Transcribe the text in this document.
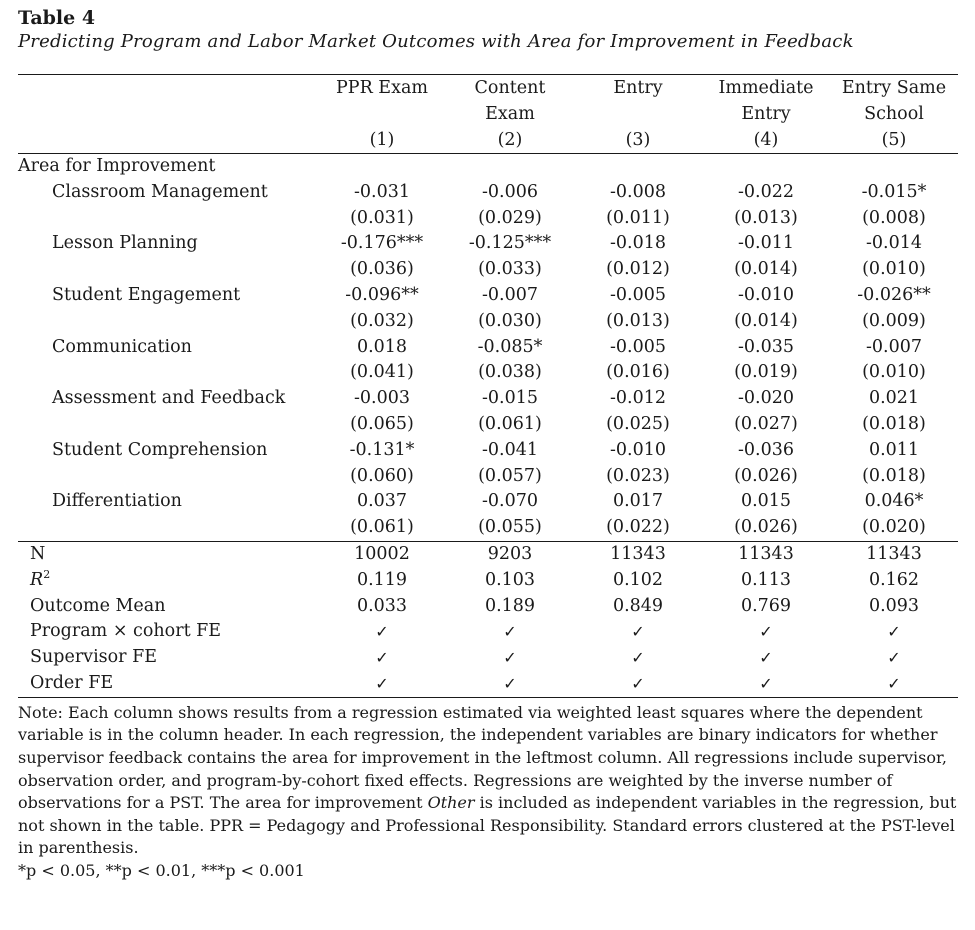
Table 4

Predicting Program and Labor Market Outcomes with Area for Improvement in Feedback

	PPR Exam	Content	Entry	Immediate	Entry Same
		Exam		Entry	School
	(1)	(2)	(3)	(4)	(5)
Area for Improvement					
Classroom Management	-0.031	-0.006	-0.008	-0.022	-0.015*
	(0.031)	(0.029)	(0.011)	(0.013)	(0.008)
Lesson Planning	-0.176***	-0.125***	-0.018	-0.011	-0.014
	(0.036)	(0.033)	(0.012)	(0.014)	(0.010)
Student Engagement	-0.096**	-0.007	-0.005	-0.010	-0.026**
	(0.032)	(0.030)	(0.013)	(0.014)	(0.009)
Communication	0.018	-0.085*	-0.005	-0.035	-0.007
	(0.041)	(0.038)	(0.016)	(0.019)	(0.010)
Assessment and Feedback	-0.003	-0.015	-0.012	-0.020	0.021
	(0.065)	(0.061)	(0.025)	(0.027)	(0.018)
Student Comprehension	-0.131*	-0.041	-0.010	-0.036	0.011
	(0.060)	(0.057)	(0.023)	(0.026)	(0.018)
Differentiation	0.037	-0.070	0.017	0.015	0.046*
	(0.061)	(0.055)	(0.022)	(0.026)	(0.020)
N	10002	9203	11343	11343	11343
$R^2$	0.119	0.103	0.102	0.113	0.162
Outcome Mean	0.033	0.189	0.849	0.769	0.093
Program × cohort FE	✓	✓	✓	✓	✓
Supervisor FE	✓	✓	✓	✓	✓
Order FE	✓	✓	✓	✓	✓

Note: Each column shows results from a regression estimated via weighted least squares where the dependent variable is in the column header. In each regression, the independent variables are binary indicators for whether supervisor feedback contains the area for improvement in the leftmost column. All regressions include supervisor, observation order, and program-by-cohort fixed effects. Regressions are weighted by the inverse number of observations for a PST. The area for improvement Other is included as independent variables in the regression, but not shown in the table. PPR = Pedagogy and Professional Responsibility. Standard errors clustered at the PST-level in parenthesis.

*p < 0.05, **p < 0.01, ***p < 0.001
